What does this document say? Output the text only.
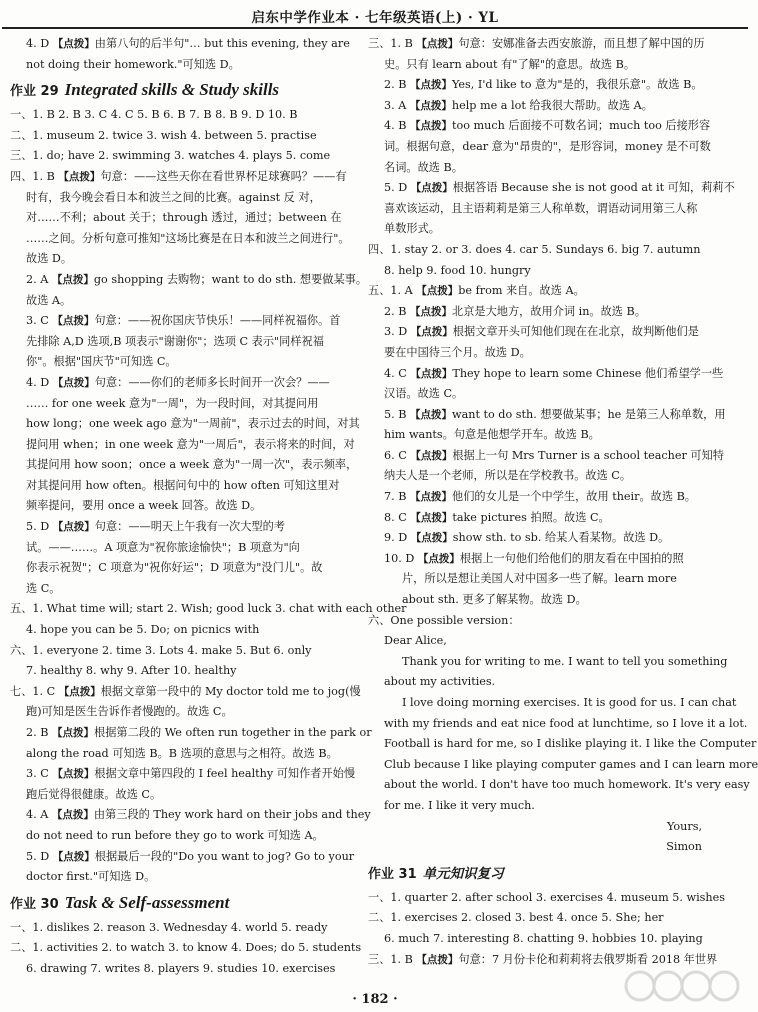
启东中学作业本 · 七年级英语(上) · YL
4. D 【点拨】由第八句的后半句"… but this evening, they are
not doing their homework."可知选 D。
作业 29 Integrated skills & Study skills
一、1. B 2. B 3. C 4. C 5. B 6. B 7. B 8. B 9. D 10. B
二、1. museum 2. twice 3. wish 4. between 5. practise
三、1. do; have 2. swimming 3. watches 4. plays 5. come
四、1. B 【点拨】句意：——这些天你在看世界杯足球赛吗？——有
时有，我今晚会看日本和波兰之间的比赛。against 反 对，
对……不利；about 关于；through 透过，通过；between 在
……之间。分析句意可推知"这场比赛是在日本和波兰之间进行"。
故选 D。
2. A 【点拨】go shopping 去购物；want to do sth. 想要做某事。
故选 A。
3. C 【点拨】句意：——祝你国庆节快乐！——同样祝福你。首
先排除 A,D 选项,B 项表示"谢谢你"；选项 C 表示"同样祝福
你"。根据"国庆节"可知选 C。
4. D 【点拨】句意：——你们的老师多长时间开一次会？——
…… for one week 意为"一周"，为一段时间，对其提问用
how long；one week ago 意为"一周前"，表示过去的时间，对其
提问用 when；in one week 意为"一周后"，表示将来的时间，对
其提问用 how soon；once a week 意为"一周一次"，表示频率，
对其提问用 how often。根据问句中的 how often 可知这里对
频率提问，要用 once a week 回答。故选 D。
5. D 【点拨】句意：——明天上午我有一次大型的考
试。——……。A 项意为"祝你旅途愉快"；B 项意为"向
你表示祝贺"；C 项意为"祝你好运"；D 项意为"没门儿"。故
选 C。
五、1. What time will; start 2. Wish; good luck 3. chat with each other
4. hope you can be 5. Do; on picnics with
六、1. everyone 2. time 3. Lots 4. make 5. But 6. only
7. healthy 8. why 9. After 10. healthy
七、1. C 【点拨】根据文章第一段中的 My doctor told me to jog(慢
跑)可知是医生告诉作者慢跑的。故选 C。
2. B 【点拨】根据第二段的 We often run together in the park or
along the road 可知选 B。B 选项的意思与之相符。故选 B。
3. C 【点拨】根据文章中第四段的 I feel healthy 可知作者开始慢
跑后觉得很健康。故选 C。
4. A 【点拨】由第三段的 They work hard on their jobs and they
do not need to run before they go to work 可知选 A。
5. D 【点拨】根据最后一段的"Do you want to jog? Go to your
doctor first."可知选 D。
作业 30 Task & Self-assessment
一、1. dislikes 2. reason 3. Wednesday 4. world 5. ready
二、1. activities 2. to watch 3. to know 4. Does; do 5. students
6. drawing 7. writes 8. players 9. studies 10. exercises
三、1. B 【点拨】句意：安娜准备去西安旅游，而且想了解中国的历
史。只有 learn about 有"了解"的意思。故选 B。
2. B 【点拨】Yes, I'd like to 意为"是的，我很乐意"。故选 B。
3. A 【点拨】help me a lot 给我很大帮助。故选 A。
4. B 【点拨】too much 后面接不可数名词；much too 后接形容
词。根据句意，dear 意为"昂贵的"，是形容词，money 是不可数
名词。故选 B。
5. D 【点拨】根据答语 Because she is not good at it 可知，莉莉不
喜欢该运动，且主语莉莉是第三人称单数，谓语动词用第三人称
单数形式。
四、1. stay 2. or 3. does 4. car 5. Sundays 6. big 7. autumn
8. help 9. food 10. hungry
五、1. A 【点拨】be from 来自。故选 A。
2. B 【点拨】北京是大地方，故用介词 in。故选 B。
3. D 【点拨】根据文章开头可知他们现在在北京，故判断他们是
要在中国待三个月。故选 D。
4. C 【点拨】They hope to learn some Chinese 他们希望学一些
汉语。故选 C。
5. B 【点拨】want to do sth. 想要做某事；he 是第三人称单数，用
him wants。句意是他想学开车。故选 B。
6. C 【点拨】根据上一句 Mrs Turner is a school teacher 可知特
纳夫人是一个老师，所以是在学校教书。故选 C。
7. B 【点拨】他们的女儿是一个中学生，故用 their。故选 B。
8. C 【点拨】take pictures 拍照。故选 C。
9. D 【点拨】show sth. to sb. 给某人看某物。故选 D。
10. D 【点拨】根据上一句他们给他们的朋友看在中国拍的照
片，所以是想让美国人对中国多一些了解。learn more
about sth. 更多了解某物。故选 D。
六、One possible version：
Dear Alice,
Thank you for writing to me. I want to tell you something
about my activities.
I love doing morning exercises. It is good for us. I can chat
with my friends and eat nice food at lunchtime, so I love it a lot.
Football is hard for me, so I dislike playing it. I like the Computer
Club because I like playing computer games and I can learn more
about the world. I don't have too much homework. It's very easy
for me. I like it very much.
Yours,
Simon
作业 31 单元知识复习
一、1. quarter 2. after school 3. exercises 4. museum 5. wishes
二、1. exercises 2. closed 3. best 4. once 5. She; her
6. much 7. interesting 8. chatting 9. hobbies 10. playing
三、1. B 【点拨】句意：7 月份卡伦和莉莉将去俄罗斯看 2018 年世界
· 182 ·
